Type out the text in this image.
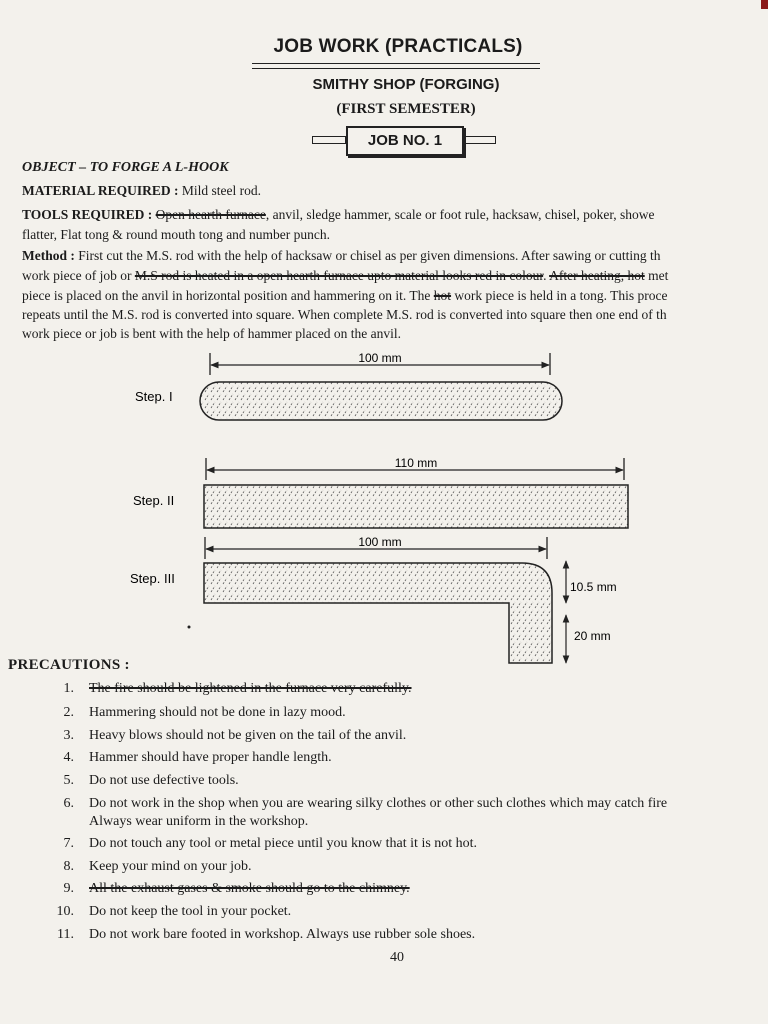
JOB WORK (PRACTICALS)
SMITHY SHOP (FORGING)
(FIRST SEMESTER)
JOB NO. 1
OBJECT – TO FORGE A L-HOOK
MATERIAL REQUIRED : Mild steel rod.
TOOLS REQUIRED : Open hearth furnace, anvil, sledge hammer, scale or foot rule, hacksaw, chisel, poker, showe
flatter, Flat tong & round mouth tong and number punch.
Method : First cut the M.S. rod with the help of hacksaw or chisel as per given dimensions. After sawing or cutting th
work piece of job or M.S rod is heated in a open hearth furnace upto material looks red in colour. After heating, hot met
piece is placed on the anvil in horizontal position and hammering on it. The hot work piece is held in a tong. This proce
repeats until the M.S. rod is converted into square. When complete M.S. rod is converted into square then one end of th
work piece or job is bent with the help of hammer placed on the anvil.
Step. I
100 mm
Step. II
110 mm
Step. III
100 mm
10.5 mm
20 mm
PRECAUTIONS :
1. The fire should be lightened in the furnace very carefully.
2. Hammering should not be done in lazy mood.
3. Heavy blows should not be given on the tail of the anvil.
4. Hammer should have proper handle length.
5. Do not use defective tools.
6. Do not work in the shop when you are wearing silky clothes or other such clothes which may catch fire
Always wear uniform in the workshop.
7. Do not touch any tool or metal piece until you know that it is not hot.
8. Keep your mind on your job.
9. All the exhaust gases & smoke should go to the chimney.
10. Do not keep the tool in your pocket.
11. Do not work bare footed in workshop. Always use rubber sole shoes.
40
